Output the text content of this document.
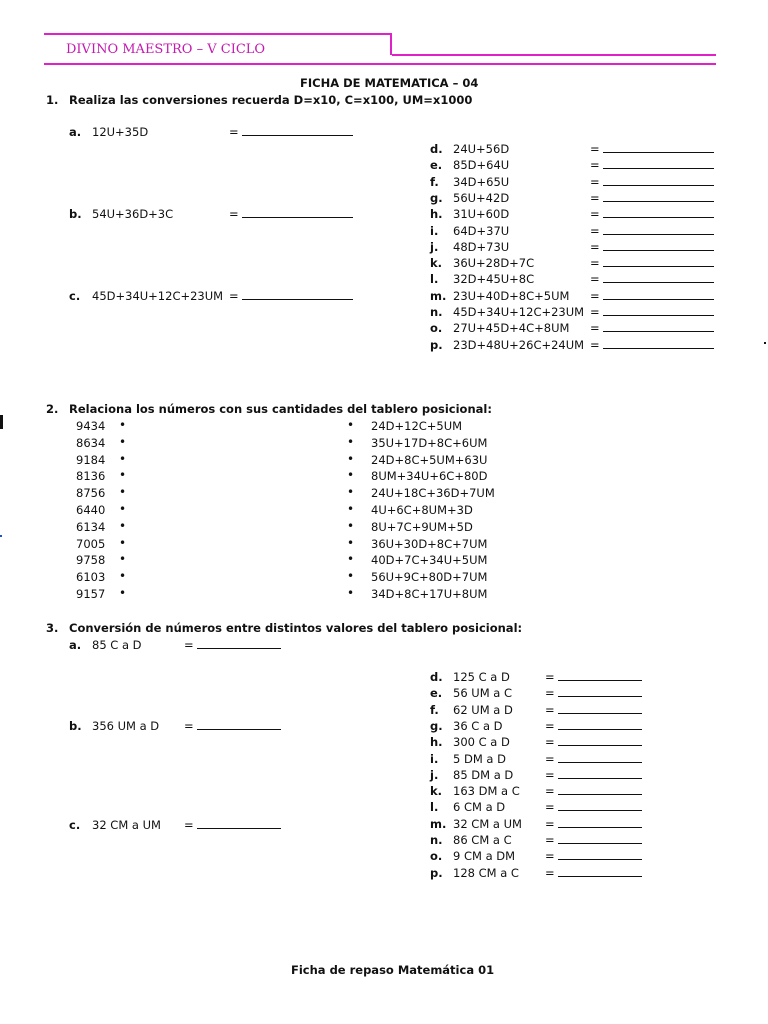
DIVINO MAESTRO – V CICLO
FICHA DE MATEMATICA – 04
1. Realiza las conversiones recuerda D=x10, C=x100, UM=x1000
a. 12U+35D	=
b. 54U+36D+3C	=
c. 45D+34U+12C+23UM =
d. 24U+56D	=
e. 85D+64U	=
f. 34D+65U	=
g. 56U+42D	=
h. 31U+60D	=
i. 64D+37U	=
j. 48D+73U	=
k. 36U+28D+7C	=
l. 32D+45U+8C	=
m. 23U+40D+8C+5UM =
n. 45D+34U+12C+23UM =
o. 27U+45D+4C+8UM =
p. 23D+48U+26C+24UM =
2. Relaciona los números con sus cantidades del tablero posicional:
9434 •
8634 •
9184 •
8136 •
8756 •
6440 •
6134 •
7005 •
9758 •
6103 •
9157 •
• 24D+12C+5UM
• 35U+17D+8C+6UM
• 24D+8C+5UM+63U
• 8UM+34U+6C+80D
• 24U+18C+36D+7UM
• 4U+6C+8UM+3D
• 8U+7C+9UM+5D
• 36U+30D+8C+7UM
• 40D+7C+34U+5UM
• 56U+9C+80D+7UM
• 34D+8C+17U+8UM
3. Conversión de números entre distintos valores del tablero posicional:
a. 85 C a D	=
b. 356 UM a D =
c. 32 CM a UM =
d. 125 C a D	=
e. 56 UM a C	=
f. 62 UM a D	=
g. 36 C a D	=
h. 300 C a D	=
i. 5 DM a D	=
j. 85 DM a D	=
k. 163 DM a C =
l. 6 CM a D	=
m. 32 CM a UM =
n. 86 CM a C	=
o. 9 CM a DM	=
p. 128 CM a C =
Ficha de repaso Matemática 01
